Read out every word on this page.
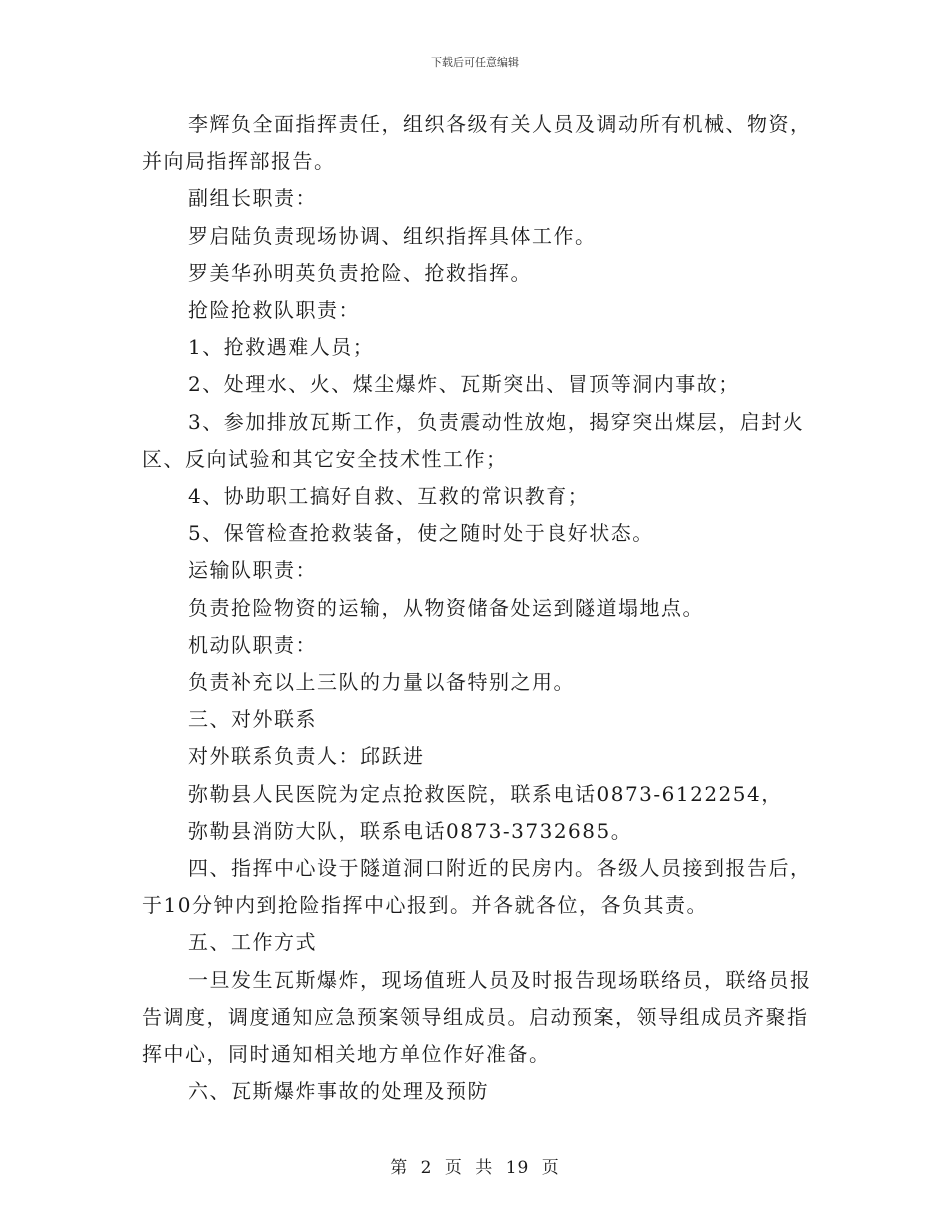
下载后可任意编辑

李辉负全面指挥责任，组织各级有关人员及调动所有机械、物资，并向局指挥部报告。

副组长职责：

罗启陆负责现场协调、组织指挥具体工作。

罗美华孙明英负责抢险、抢救指挥。

抢险抢救队职责：

1、抢救遇难人员；

2、处理水、火、煤尘爆炸、瓦斯突出、冒顶等洞内事故；

3、参加排放瓦斯工作，负责震动性放炮，揭穿突出煤层，启封火区、反向试验和其它安全技术性工作；

4、协助职工搞好自救、互救的常识教育；

5、保管检查抢救装备，使之随时处于良好状态。

运输队职责：

负责抢险物资的运输，从物资储备处运到隧道塌地点。

机动队职责：

负责补充以上三队的力量以备特别之用。

三、对外联系

对外联系负责人：邱跃进

弥勒县人民医院为定点抢救医院，联系电话0873-6122254，

弥勒县消防大队，联系电话0873-3732685。

四、指挥中心设于隧道洞口附近的民房内。各级人员接到报告后，于10分钟内到抢险指挥中心报到。并各就各位，各负其责。

五、工作方式

一旦发生瓦斯爆炸，现场值班人员及时报告现场联络员，联络员报告调度，调度通知应急预案领导组成员。启动预案，领导组成员齐聚指挥中心，同时通知相关地方单位作好准备。

六、瓦斯爆炸事故的处理及预防

第 2 页 共 19 页
